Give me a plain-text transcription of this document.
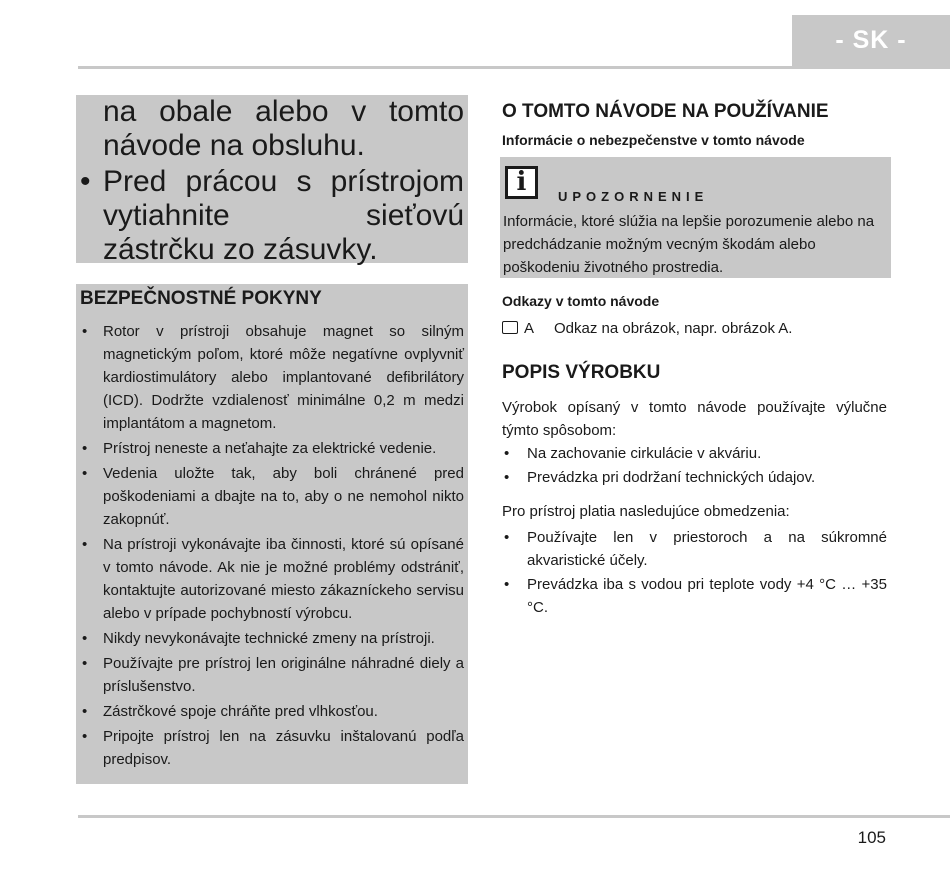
- SK -
na obale alebo v tomto
návode na obsluhu.
• Pred prácou s prístrojom
vytiahnite	sieťovú
zástrčku zo zásuvky.
BEZPEČNOSTNÉ POKYNY
• Rotor v prístroji obsahuje magnet so silným magnetickým poľom, ktoré môže negatívne ovplyvniť kardiostimulátory alebo implantované defibrilátory (ICD). Dodržte vzdialenosť minimálne 0,2 m medzi implantátom a magnetom.
• Prístroj neneste a neťahajte za elektrické vedenie.
• Vedenia uložte tak, aby boli chránené pred poškodeniami a dbajte na to, aby o ne nemohol nikto zakopnúť.
• Na prístroji vykonávajte iba činnosti, ktoré sú opísané v tomto návode. Ak nie je možné problémy odstrániť, kontaktujte autorizované miesto zákazníckeho servisu alebo v prípade pochybností výrobcu.
• Nikdy nevykonávajte technické zmeny na prístroji.
• Používajte pre prístroj len originálne náhradné diely a príslušenstvo.
• Zástrčkové spoje chráňte pred vlhkosťou.
• Pripojte prístroj len na zásuvku inštalovanú podľa predpisov.
O TOMTO NÁVODE NA POUŽÍVANIE
Informácie o nebezpečenstve v tomto návode
i	UPOZORNENIE
Informácie, ktoré slúžia na lepšie porozumenie alebo na predchádzanie možným vecným škodám alebo poškodeniu životného prostredia.
Odkazy v tomto návode
A Odkaz na obrázok, napr. obrázok A.
POPIS VÝROBKU

Výrobok opísaný v tomto návode používajte výlučne týmto spôsobom:

• Na zachovanie cirkulácie v akváriu.
• Prevádzka pri dodržaní technických údajov.

Pro prístroj platia nasledujúce obmedzenia:

• Používajte len v priestoroch a na súkromné akvaristické účely.
• Prevádzka iba s vodou pri teplote vody +4 °C … +35 °C.
105
